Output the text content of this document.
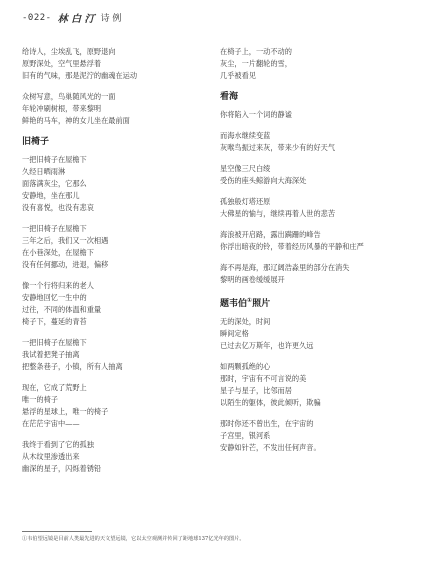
-022- 林 白 汀 诗 例
给诗人，尘埃乱飞，原野退向
原野深处，空气里悬浮着
旧有的气味，那是泥泞的幽魂在运动
众树写意，鸟巢随风光的一面
年轮冲刷树根，带来黎明
鲜艳的马车，神的女儿坐在最前面
旧椅子
一把旧椅子在屋檐下
久经日晒雨淋
面落满灰尘，它那么
安静地，坐在那儿
没有喜悦，也没有悲哀
一把旧椅子在屋檐下
三年之后，我们又一次相遇
在小巷深处，在屋檐下
没有任何挪动，进退，偏移
像一个行将归来的老人
安静地回忆一生中的
过往，不同的体温和重量
椅子下，蔓延的青苔
一把旧椅子在屋檐下
我试着把凳子抽离
把整条巷子，小镇，所有人抽离
现在，它成了荒野上
唯一的椅子
悬浮的星球上，唯一的椅子
在茫茫宇宙中——
我终于看到了它的孤独
从木纹里渗透出来
幽深的星子，闪烁着锈铅
在椅子上，一动不动的
灰尘，一片翻轮的雪，
几乎被看见
看海
你将陷入一个词的静谧
而海水继续变蓝
灰喉鸟振过来灰，带来少有的好天气
星空像三尺白绫
受伤的座头鲸游向大海深处
孤独般灯塔还原
大佛星的愉与，继续再着人世的悲苦
海浪被开启路，露出蹒跚的峰告
你浮出暗夜的铃，带着经历风暴的平静和庄严
海不再是海，那辽阔浩淼里的部分在消失
黎明的画卷缓缓展开
题韦伯①照片
无的深处，时间
瞬间定格
已过去亿万斯年，也许更久远
如两颗孤绝的心
那时，宇宙有不可言说的美
星子与星子，比邻而居
以陌生的躯体，彼此倾听，欺骗
那时你还不曾出生，在宇宙的
子宫里，银河系
安静如针芒，不发出任何声音。
①韦伯望远镜是目前人类最先进的天文望远镜，它以太空观测并传回了距地球137亿光年的图片。
